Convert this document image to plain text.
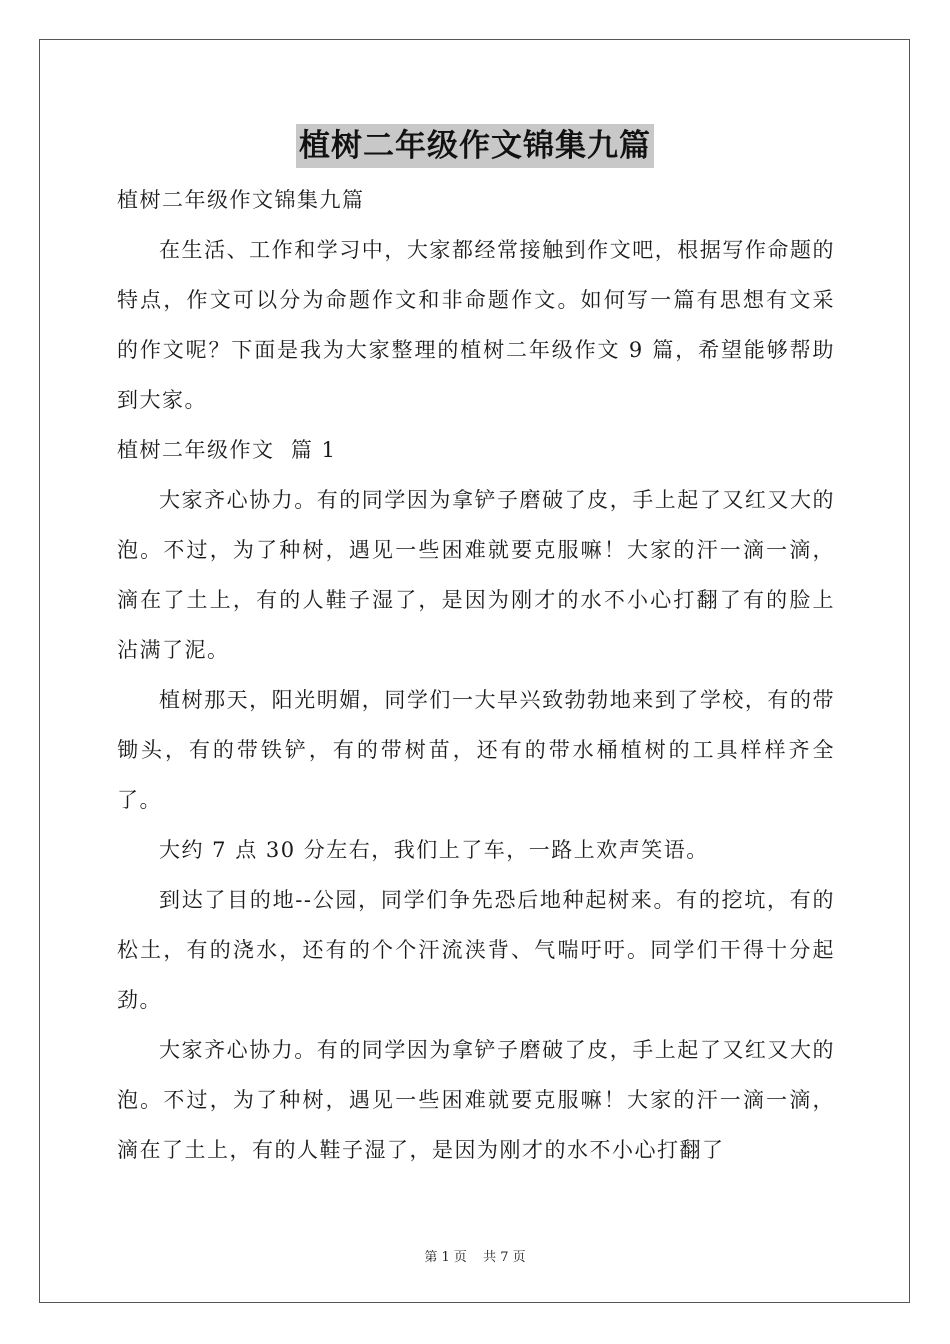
植树二年级作文锦集九篇

植树二年级作文锦集九篇

在生活、工作和学习中，大家都经常接触到作文吧，根据写作命题的特点，作文可以分为命题作文和非命题作文。如何写一篇有思想有文采的作文呢？下面是我为大家整理的植树二年级作文 9 篇，希望能够帮助到大家。

植树二年级作文  篇 1

大家齐心协力。有的同学因为拿铲子磨破了皮，手上起了又红又大的泡。不过，为了种树，遇见一些困难就要克服嘛！大家的汗一滴一滴，滴在了土上，有的人鞋子湿了，是因为刚才的水不小心打翻了有的脸上沾满了泥。

植树那天，阳光明媚，同学们一大早兴致勃勃地来到了学校，有的带锄头，有的带铁铲，有的带树苗，还有的带水桶植树的工具样样齐全了。

大约 7 点 30 分左右，我们上了车，一路上欢声笑语。

到达了目的地--公园，同学们争先恐后地种起树来。有的挖坑，有的松土，有的浇水，还有的个个汗流浃背、气喘吁吁。同学们干得十分起劲。

大家齐心协力。有的同学因为拿铲子磨破了皮，手上起了又红又大的泡。不过，为了种树，遇见一些困难就要克服嘛！大家的汗一滴一滴，滴在了土上，有的人鞋子湿了，是因为刚才的水不小心打翻了

第 1 页 共 7 页
